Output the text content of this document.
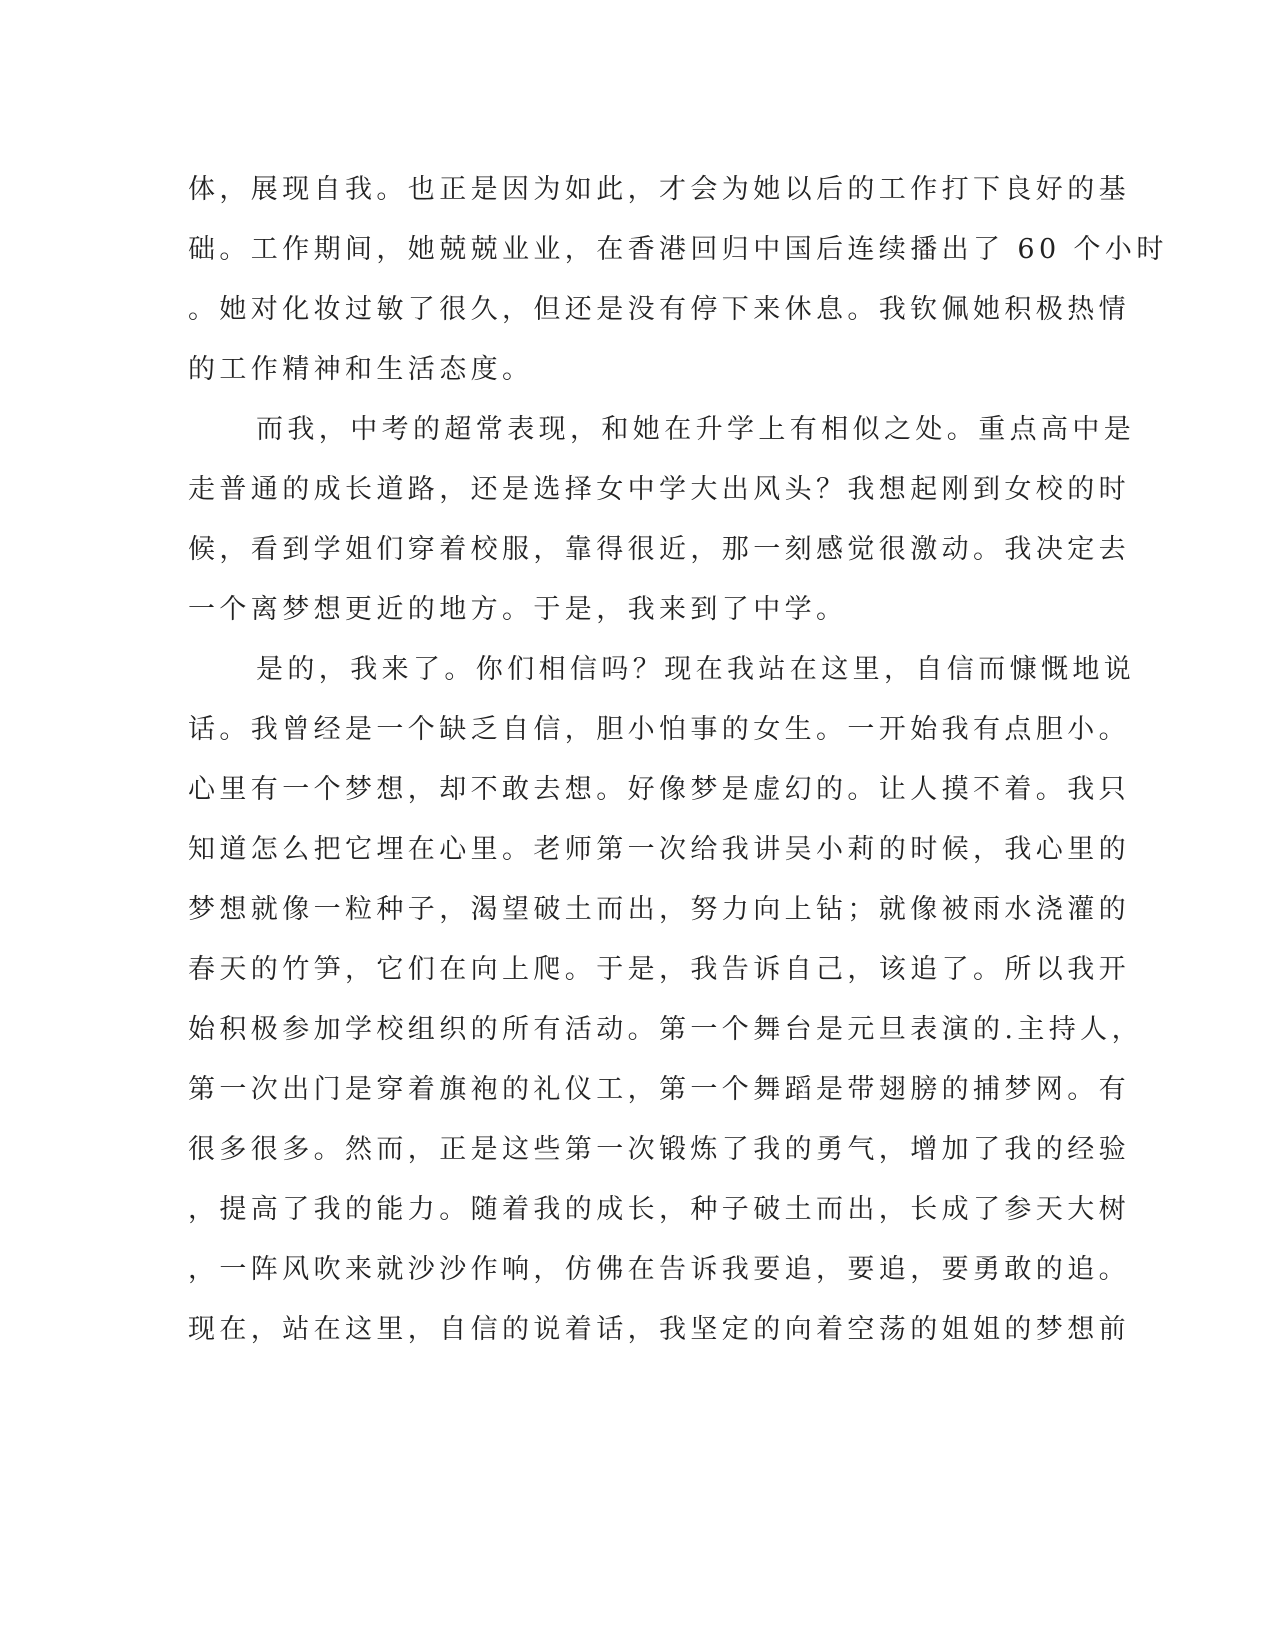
体，展现自我。也正是因为如此，才会为她以后的工作打下良好的基
础。工作期间，她兢兢业业，在香港回归中国后连续播出了 60 个小时
。她对化妆过敏了很久，但还是没有停下来休息。我钦佩她积极热情
的工作精神和生活态度。
而我，中考的超常表现，和她在升学上有相似之处。重点高中是
走普通的成长道路，还是选择女中学大出风头？我想起刚到女校的时
候，看到学姐们穿着校服，靠得很近，那一刻感觉很激动。我决定去
一个离梦想更近的地方。于是，我来到了中学。
是的，我来了。你们相信吗？现在我站在这里，自信而慷慨地说
话。我曾经是一个缺乏自信，胆小怕事的女生。一开始我有点胆小。
心里有一个梦想，却不敢去想。好像梦是虚幻的。让人摸不着。我只
知道怎么把它埋在心里。老师第一次给我讲吴小莉的时候，我心里的
梦想就像一粒种子，渴望破土而出，努力向上钻；就像被雨水浇灌的
春天的竹笋，它们在向上爬。于是，我告诉自己，该追了。所以我开
始积极参加学校组织的所有活动。第一个舞台是元旦表演的.主持人，
第一次出门是穿着旗袍的礼仪工，第一个舞蹈是带翅膀的捕梦网。有
很多很多。然而，正是这些第一次锻炼了我的勇气，增加了我的经验
，提高了我的能力。随着我的成长，种子破土而出，长成了参天大树
，一阵风吹来就沙沙作响，仿佛在告诉我要追，要追，要勇敢的追。
现在，站在这里，自信的说着话，我坚定的向着空荡的姐姐的梦想前
